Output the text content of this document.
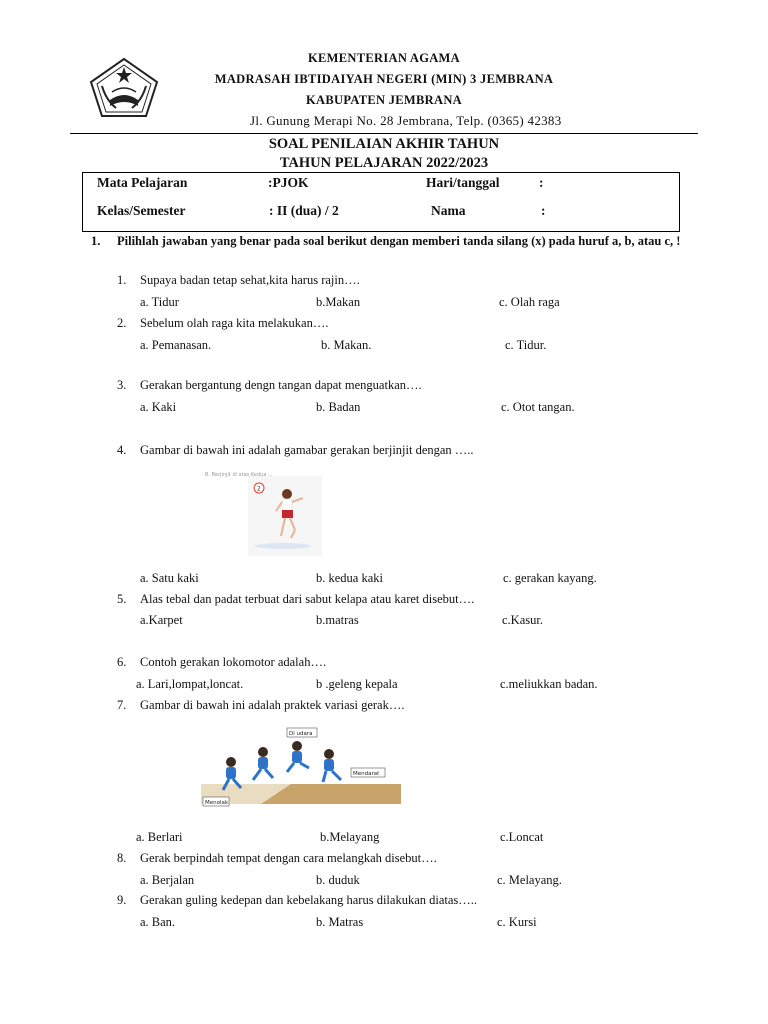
KEMENTERIAN AGAMA
MADRASAH IBTIDAIYAH NEGERI (MIN) 3 JEMBRANA
KABUPATEN JEMBRANA
Jl. Gunung Merapi No. 28 Jembrana, Telp. (0365) 42383
SOAL PENILAIAN AKHIR TAHUN
TAHUN PELAJARAN 2022/2023
Mata Pelajaran	:PJOK	Hari/tanggal	:
Kelas/Semester	: II (dua) / 2	Nama	:
1. Pilihlah jawaban yang benar pada soal berikut dengan memberi tanda silang (x) pada huruf a, b, atau c, !
1. Supaya badan tetap sehat,kita harus rajin….
a. Tidur	b.Makan	c. Olah raga
2. Sebelum olah raga kita melakukan….
a. Pemanasan.	b. Makan.	c. Tidur.
3. Gerakan bergantung dengn tangan dapat menguatkan….
a. Kaki	b. Badan	c. Otot tangan.
4. Gambar di bawah ini adalah gamabar gerakan berjinjit dengan …..
a. Satu kaki	b. kedua kaki	c. gerakan kayang.
5. Alas tebal dan padat terbuat dari sabut kelapa atau karet disebut….
a.Karpet	b.matras	c.Kasur.
6. Contoh gerakan lokomotor adalah….
a. Lari,lompat,loncat.	b .geleng kepala	c.meliukkan badan.
7. Gambar di bawah ini adalah praktek variasi gerak….
a. Berlari	b.Melayang	c.Loncat
8. Gerak berpindah tempat dengan cara melangkah disebut….
a. Berjalan	b. duduk	c. Melayang.
9. Gerakan guling kedepan dan kebelakang harus dilakukan diatas…..
a. Ban.	b. Matras	c. Kursi
B. Berjinjit di atas Kedua ...
2
Di udara
Mendarat
Menolak
